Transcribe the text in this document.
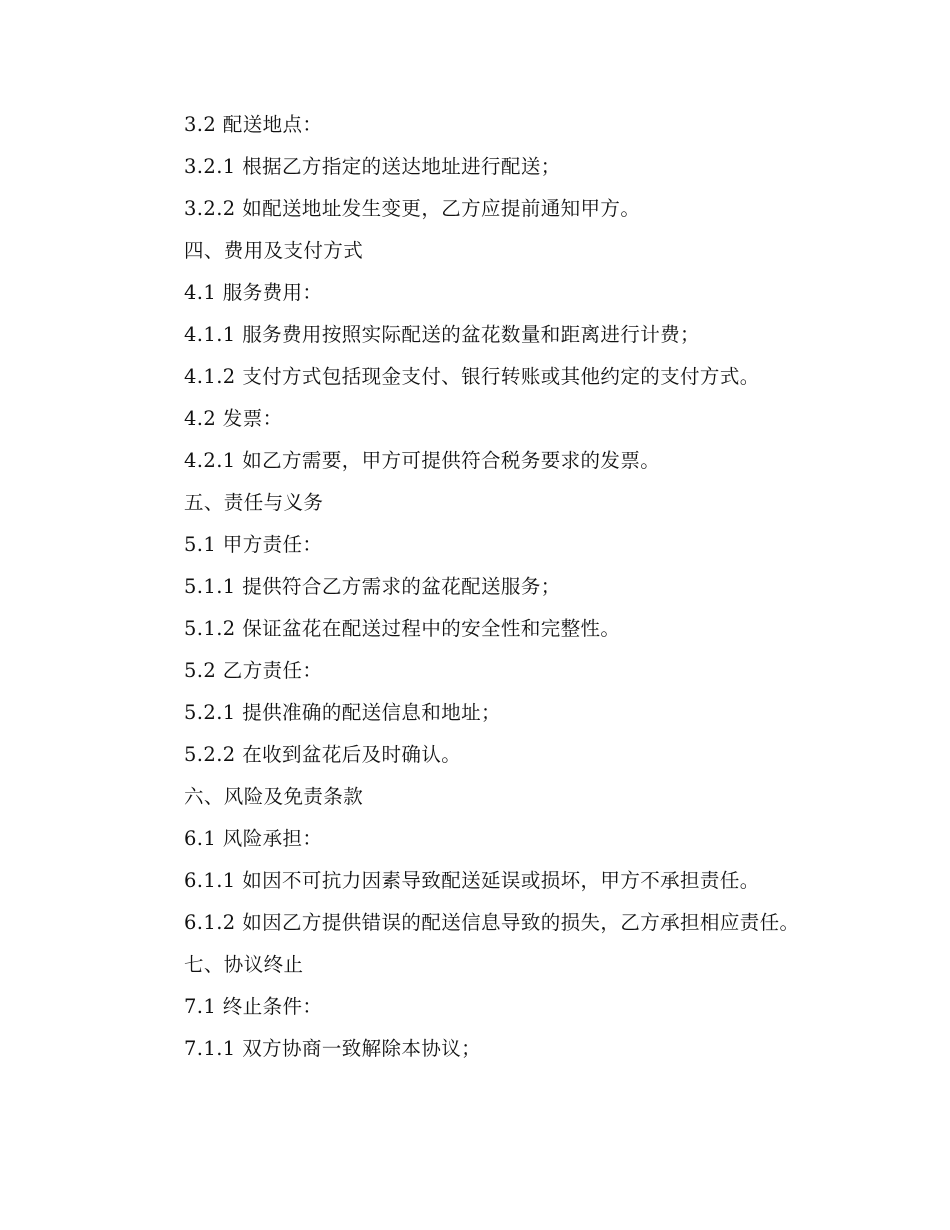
3.2 配送地点：

3.2.1 根据乙方指定的送达地址进行配送；

3.2.2 如配送地址发生变更，乙方应提前通知甲方。

四、费用及支付方式

4.1 服务费用：

4.1.1 服务费用按照实际配送的盆花数量和距离进行计费；

4.1.2 支付方式包括现金支付、银行转账或其他约定的支付方式。

4.2 发票：

4.2.1 如乙方需要，甲方可提供符合税务要求的发票。

五、责任与义务

5.1 甲方责任：

5.1.1 提供符合乙方需求的盆花配送服务；

5.1.2 保证盆花在配送过程中的安全性和完整性。

5.2 乙方责任：

5.2.1 提供准确的配送信息和地址；

5.2.2 在收到盆花后及时确认。

六、风险及免责条款

6.1 风险承担：

6.1.1 如因不可抗力因素导致配送延误或损坏，甲方不承担责任。

6.1.2 如因乙方提供错误的配送信息导致的损失，乙方承担相应责任。

七、协议终止

7.1 终止条件：

7.1.1 双方协商一致解除本协议；
